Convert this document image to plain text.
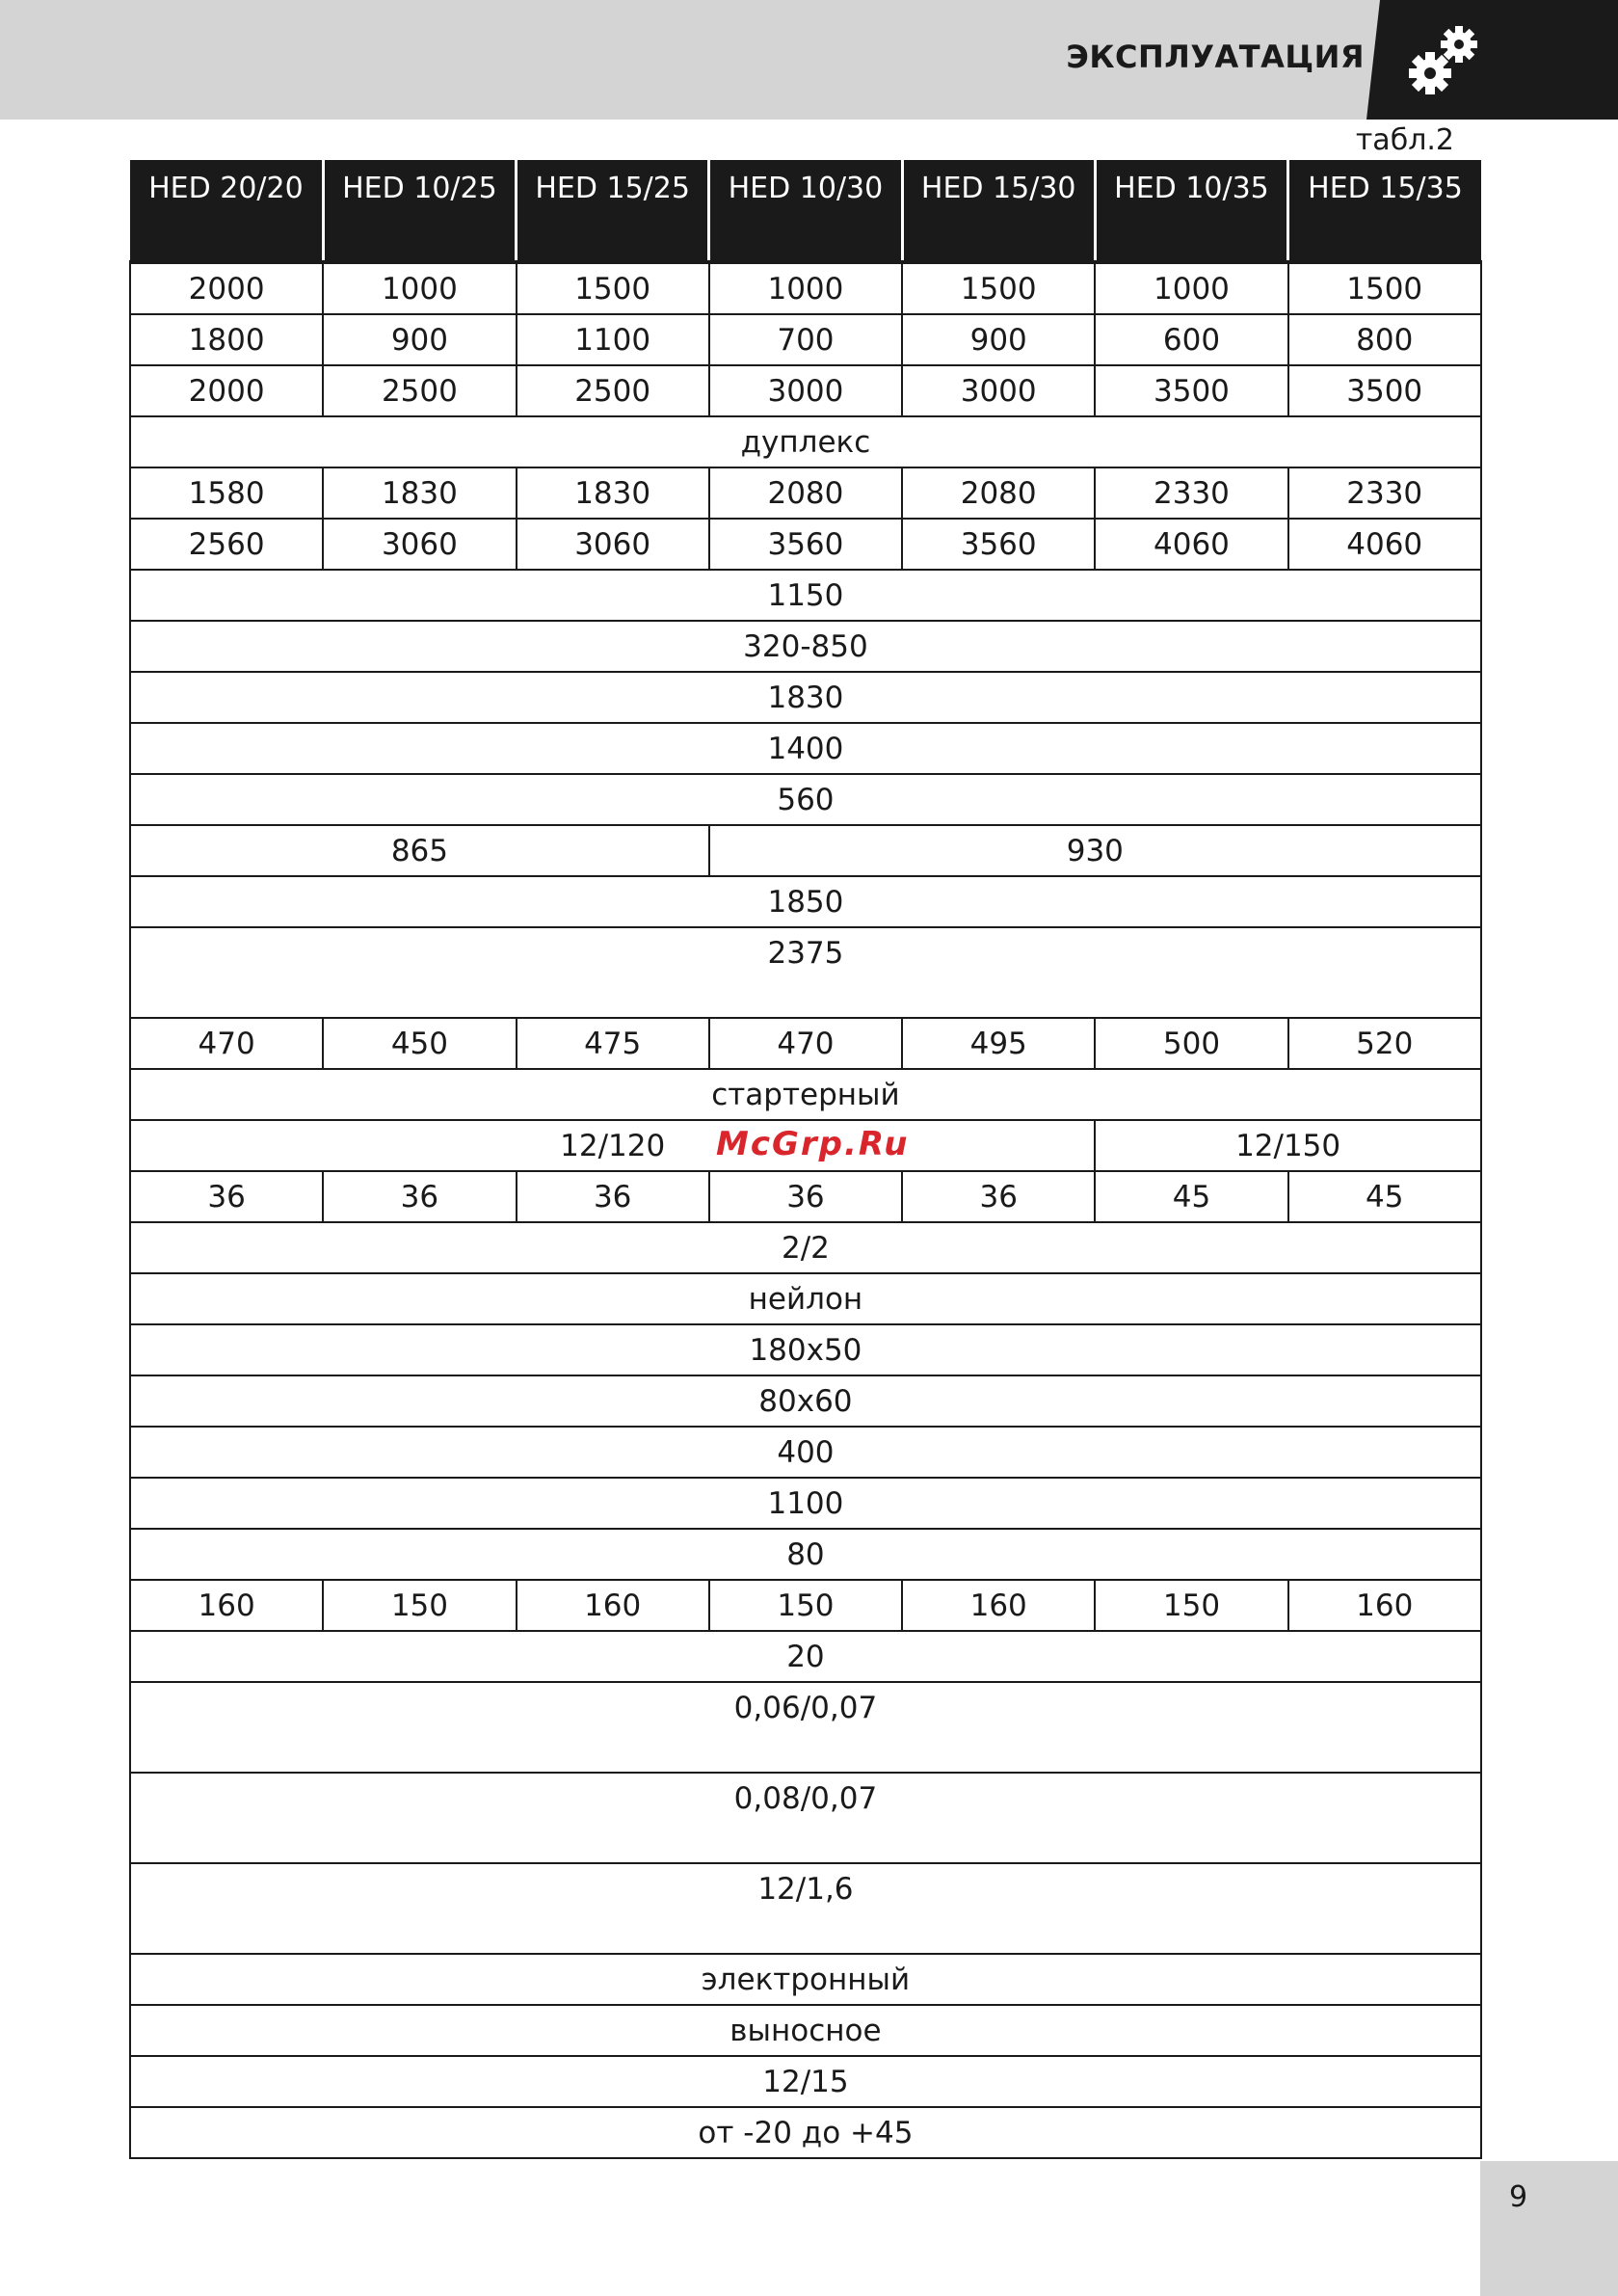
ЭКСПЛУАТАЦИЯ
табл.2
HED 20/20	HED 10/25	HED 15/25	HED 10/30	HED 15/30	HED 10/35	HED 15/35
2000	1000	1500	1000	1500	1000	1500
1800	900	1100	700	900	600	800
2000	2500	2500	3000	3000	3500	3500
дуплекс						
1580	1830	1830	2080	2080	2330	2330
2560	3060	3060	3560	3560	4060	4060
1150						
320-850						
1830						
1400						
560						
865			930			
1850						
2375						
470	450	475	470	495	500	520
стартерный						
12/120					12/150	
36	36	36	36	36	45	45
2/2						
нейлон						
180x50						
80x60						
400						
1100						
80						
160	150	160	150	160	150	160
20						
0,06/0,07						
0,08/0,07						
12/1,6						
электронный						
выносное						
12/15						
от -20 до +45						
McGrp.Ru
9
